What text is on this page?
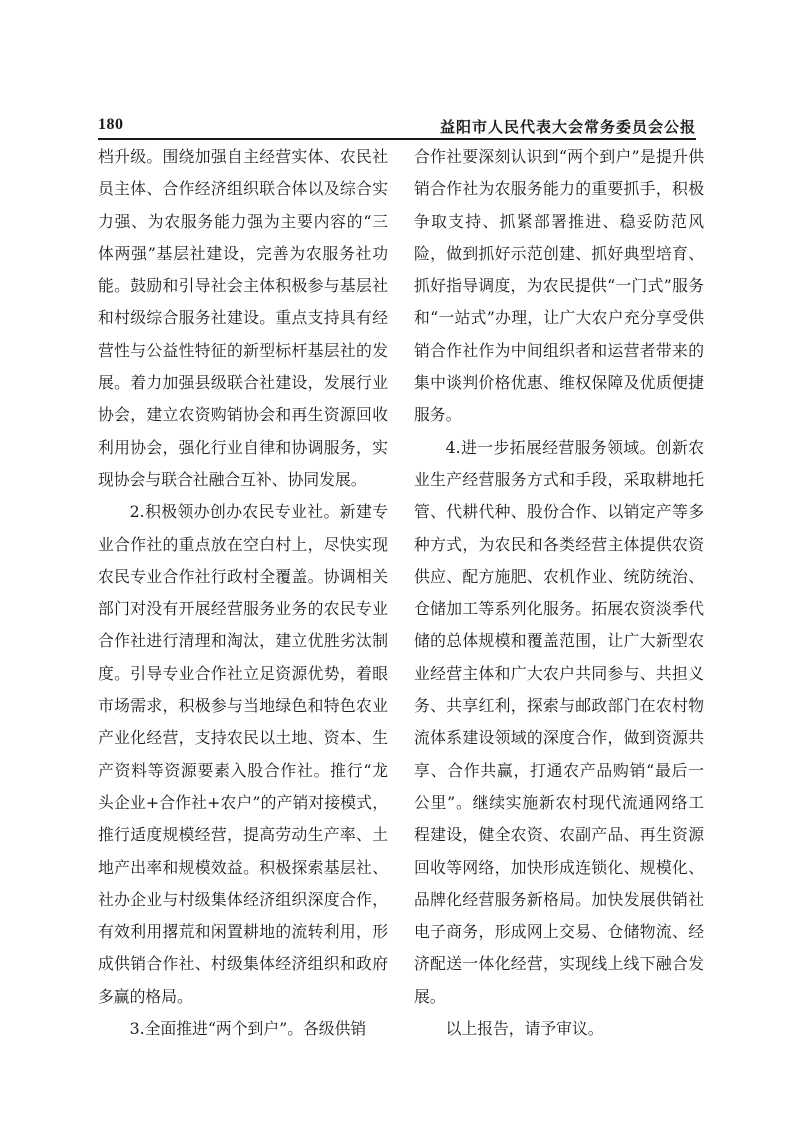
180	益阳市人民代表大会常务委员会公报

档升级。围绕加强自主经营实体、农民社员主体、合作经济组织联合体以及综合实力强、为农服务能力强为主要内容的“三体两强”基层社建设，完善为农服务社功能。鼓励和引导社会主体积极参与基层社和村级综合服务社建设。重点支持具有经营性与公益性特征的新型标杆基层社的发展。着力加强县级联合社建设，发展行业协会，建立农资购销协会和再生资源回收利用协会，强化行业自律和协调服务，实现协会与联合社融合互补、协同发展。

2.积极领办创办农民专业社。新建专业合作社的重点放在空白村上，尽快实现农民专业合作社行政村全覆盖。协调相关部门对没有开展经营服务业务的农民专业合作社进行清理和淘汰，建立优胜劣汰制度。引导专业合作社立足资源优势，着眼市场需求，积极参与当地绿色和特色农业产业化经营，支持农民以土地、资本、生产资料等资源要素入股合作社。推行“龙头企业+合作社+农户”的产销对接模式，推行适度规模经营，提高劳动生产率、土地产出率和规模效益。积极探索基层社、社办企业与村级集体经济组织深度合作，有效利用撂荒和闲置耕地的流转利用，形成供销合作社、村级集体经济组织和政府多赢的格局。

3.全面推进“两个到户”。各级供销

合作社要深刻认识到“两个到户”是提升供销合作社为农服务能力的重要抓手，积极争取支持、抓紧部署推进、稳妥防范风险，做到抓好示范创建、抓好典型培育、抓好指导调度，为农民提供“一门式”服务和“一站式”办理，让广大农户充分享受供销合作社作为中间组织者和运营者带来的集中谈判价格优惠、维权保障及优质便捷服务。

4.进一步拓展经营服务领域。创新农业生产经营服务方式和手段，采取耕地托管、代耕代种、股份合作、以销定产等多种方式，为农民和各类经营主体提供农资供应、配方施肥、农机作业、统防统治、仓储加工等系列化服务。拓展农资淡季代储的总体规模和覆盖范围，让广大新型农业经营主体和广大农户共同参与、共担义务、共享红利，探索与邮政部门在农村物流体系建设领域的深度合作，做到资源共享、合作共赢，打通农产品购销“最后一公里”。继续实施新农村现代流通网络工程建设，健全农资、农副产品、再生资源回收等网络，加快形成连锁化、规模化、品牌化经营服务新格局。加快发展供销社电子商务，形成网上交易、仓储物流、经济配送一体化经营，实现线上线下融合发展。

以上报告，请予审议。
